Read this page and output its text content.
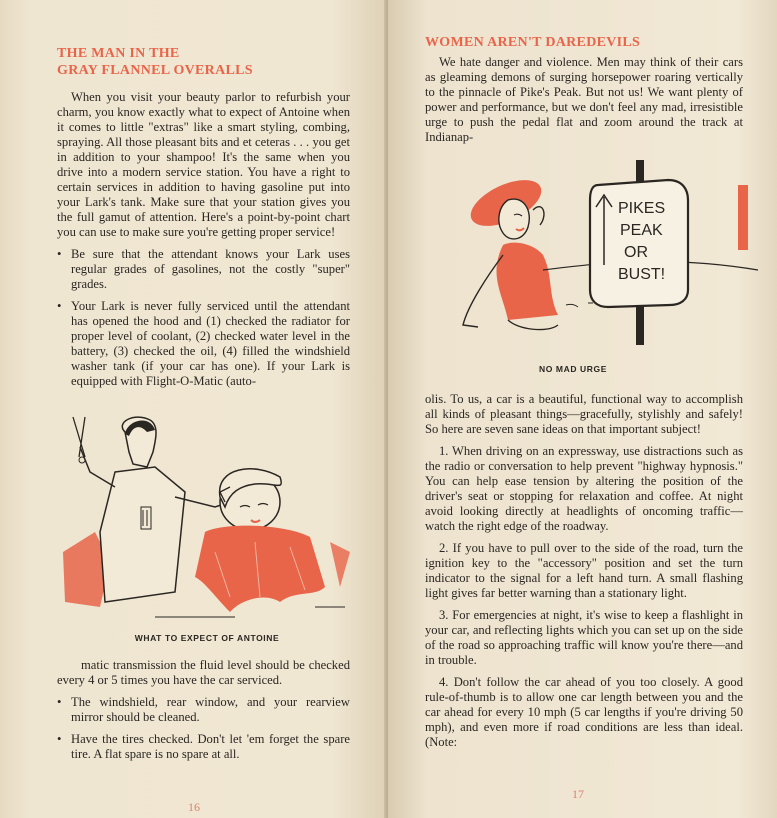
THE MAN IN THE
GRAY FLANNEL OVERALLS

When you visit your beauty parlor to refurbish your charm, you know exactly what to expect of Antoine when it comes to little "extras" like a smart styling, combing, spraying. All those pleasant bits and et ceteras . . . you get in addition to your shampoo! It's the same when you drive into a modern service station. You have a right to certain services in addition to having gasoline put into your Lark's tank. Make sure that your station gives you the full gamut of attention. Here's a point-by-point chart you can use to make sure you're getting proper service!

• Be sure that the attendant knows your Lark uses regular grades of gasolines, not the costly "super" grades.
• Your Lark is never fully serviced until the attendant has opened the hood and (1) checked the radiator for proper level of coolant, (2) checked water level in the battery, (3) checked the oil, (4) filled the windshield washer tank (if your car has one). If your Lark is equipped with Flight-O-Matic (auto-
WHAT TO EXPECT OF ANTOINE

matic transmission the fluid level should be checked every 4 or 5 times you have the car serviced.

• The windshield, rear window, and your rearview mirror should be cleaned.
• Have the tires checked. Don't let 'em forget the spare tire. A flat spare is no spare at all.
16
WOMEN AREN'T DAREDEVILS

We hate danger and violence. Men may think of their cars as gleaming demons of surging horsepower roaring vertically to the pinnacle of Pike's Peak. But not us! We want plenty of power and performance, but we don't feel any mad, irresistible urge to push the pedal flat and zoom around the track at Indianap-

PIKES
PEAK
OR
BUST!
NO MAD URGE

olis. To us, a car is a beautiful, functional way to accomplish all kinds of pleasant things—gracefully, stylishly and safely! So here are seven sane ideas on that important subject!

1. When driving on an expressway, use distractions such as the radio or conversation to help prevent "highway hypnosis." You can help ease tension by altering the position of the driver's seat or stopping for relaxation and coffee. At night avoid looking directly at headlights of oncoming traffic—watch the right edge of the roadway.

2. If you have to pull over to the side of the road, turn the ignition key to the "accessory" position and set the turn indicator to the signal for a left hand turn. A small flashing light gives far better warning than a stationary light.

3. For emergencies at night, it's wise to keep a flashlight in your car, and reflecting lights which you can set up on the side of the road so approaching traffic will know you're there—and in trouble.

4. Don't follow the car ahead of you too closely. A good rule-of-thumb is to allow one car length between you and the car ahead for every 10 mph (5 car lengths if you're driving 50 mph), and even more if road conditions are less than ideal. (Note:

17
